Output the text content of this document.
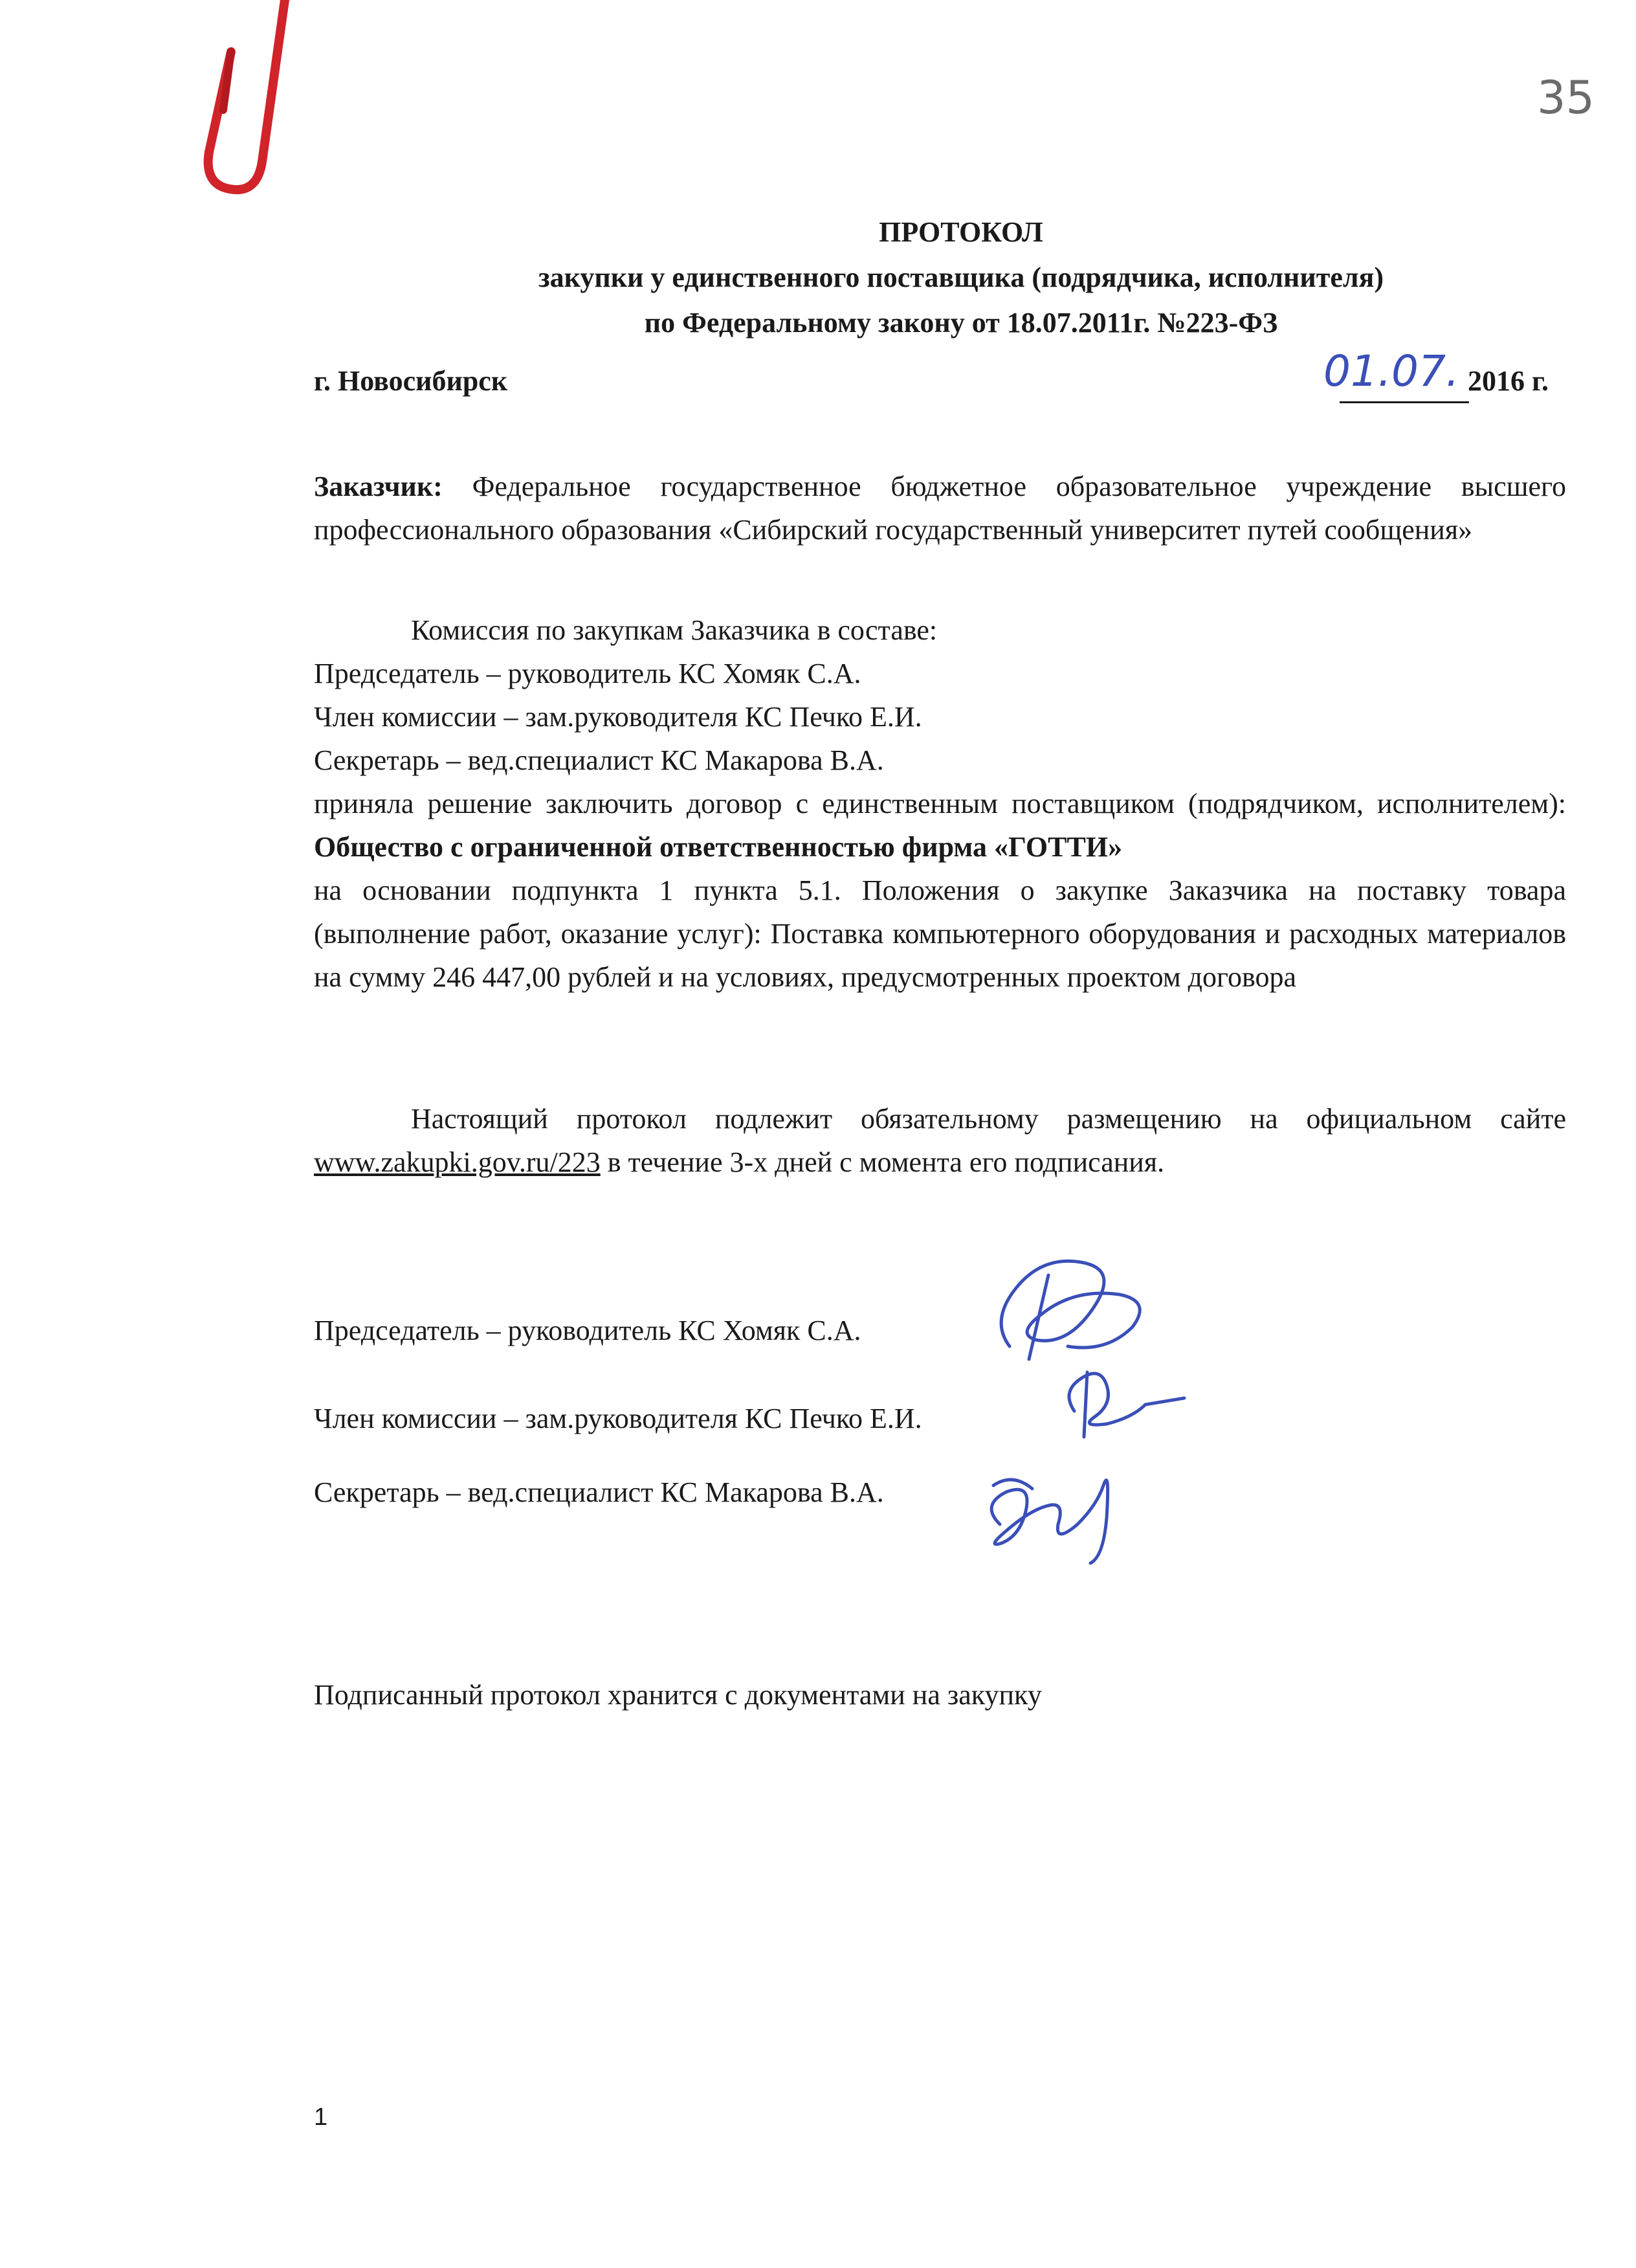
35
ПРОТОКОЛ
закупки у единственного поставщика (подрядчика, исполнителя)
по Федеральному закону от 18.07.2011г. №223-ФЗ
г. Новосибирск	01.07. 2016 г.
Заказчик: Федеральное государственное бюджетное образовательное учреждение высшего профессионального образования «Сибирский государственный университет путей сообщения»
Комиссия по закупкам Заказчика в составе:
Председатель – руководитель КС Хомяк С.А.
Член комиссии – зам.руководителя КС Печко Е.И.
Секретарь – вед.специалист КС Макарова В.А.
приняла решение заключить договор с единственным поставщиком (подрядчиком, исполнителем): Общество с ограниченной ответственностью фирма «ГОТТИ»
на основании подпункта 1 пункта 5.1. Положения о закупке Заказчика на поставку товара (выполнение работ, оказание услуг): Поставка компьютерного оборудования и расходных материалов на сумму 246 447,00 рублей и на условиях, предусмотренных проектом договора
Настоящий протокол подлежит обязательному размещению на официальном сайте www.zakupki.gov.ru/223 в течение 3-х дней с момента его подписания.
Председатель – руководитель КС Хомяк С.А.
Член комиссии – зам.руководителя КС Печко Е.И.
Секретарь – вед.специалист КС Макарова В.А.
Подписанный протокол хранится с документами на закупку
1
